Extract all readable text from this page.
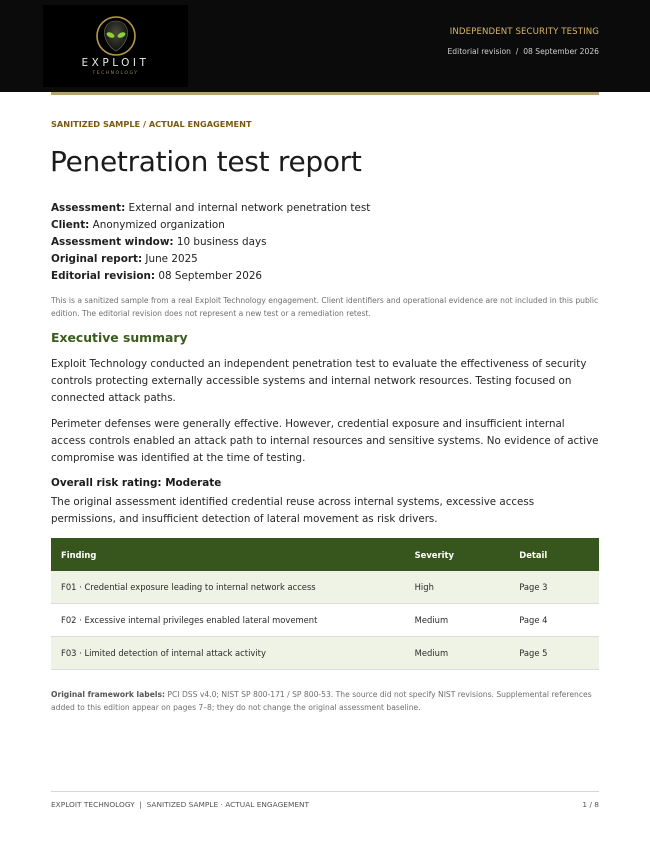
EXPLOIT
TECHNOLOGY
INDEPENDENT SECURITY TESTING
Editorial revision  /  08 September 2026
SANITIZED SAMPLE / ACTUAL ENGAGEMENT
Penetration test report
Assessment: External and internal network penetration test
Client: Anonymized organization
Assessment window: 10 business days
Original report: June 2025
Editorial revision: 08 September 2026
This is a sanitized sample from a real Exploit Technology engagement. Client identifiers and operational evidence are not included in this public edition. The editorial revision does not represent a new test or a remediation retest.
Executive summary
Exploit Technology conducted an independent penetration test to evaluate the effectiveness of security controls protecting externally accessible systems and internal network resources. Testing focused on connected attack paths.
Perimeter defenses were generally effective. However, credential exposure and insufficient internal access controls enabled an attack path to internal resources and sensitive systems. No evidence of active compromise was identified at the time of testing.
Overall risk rating: Moderate
The original assessment identified credential reuse across internal systems, excessive access permissions, and insufficient detection of lateral movement as risk drivers.
Finding	Severity	Detail
F01 · Credential exposure leading to internal network access	High	Page 3
F02 · Excessive internal privileges enabled lateral movement	Medium	Page 4
F03 · Limited detection of internal attack activity	Medium	Page 5
Original framework labels: PCI DSS v4.0; NIST SP 800-171 / SP 800-53. The source did not specify NIST revisions. Supplemental references added to this edition appear on pages 7–8; they do not change the original assessment baseline.
EXPLOIT TECHNOLOGY  |  SANITIZED SAMPLE · ACTUAL ENGAGEMENT	1 / 8
